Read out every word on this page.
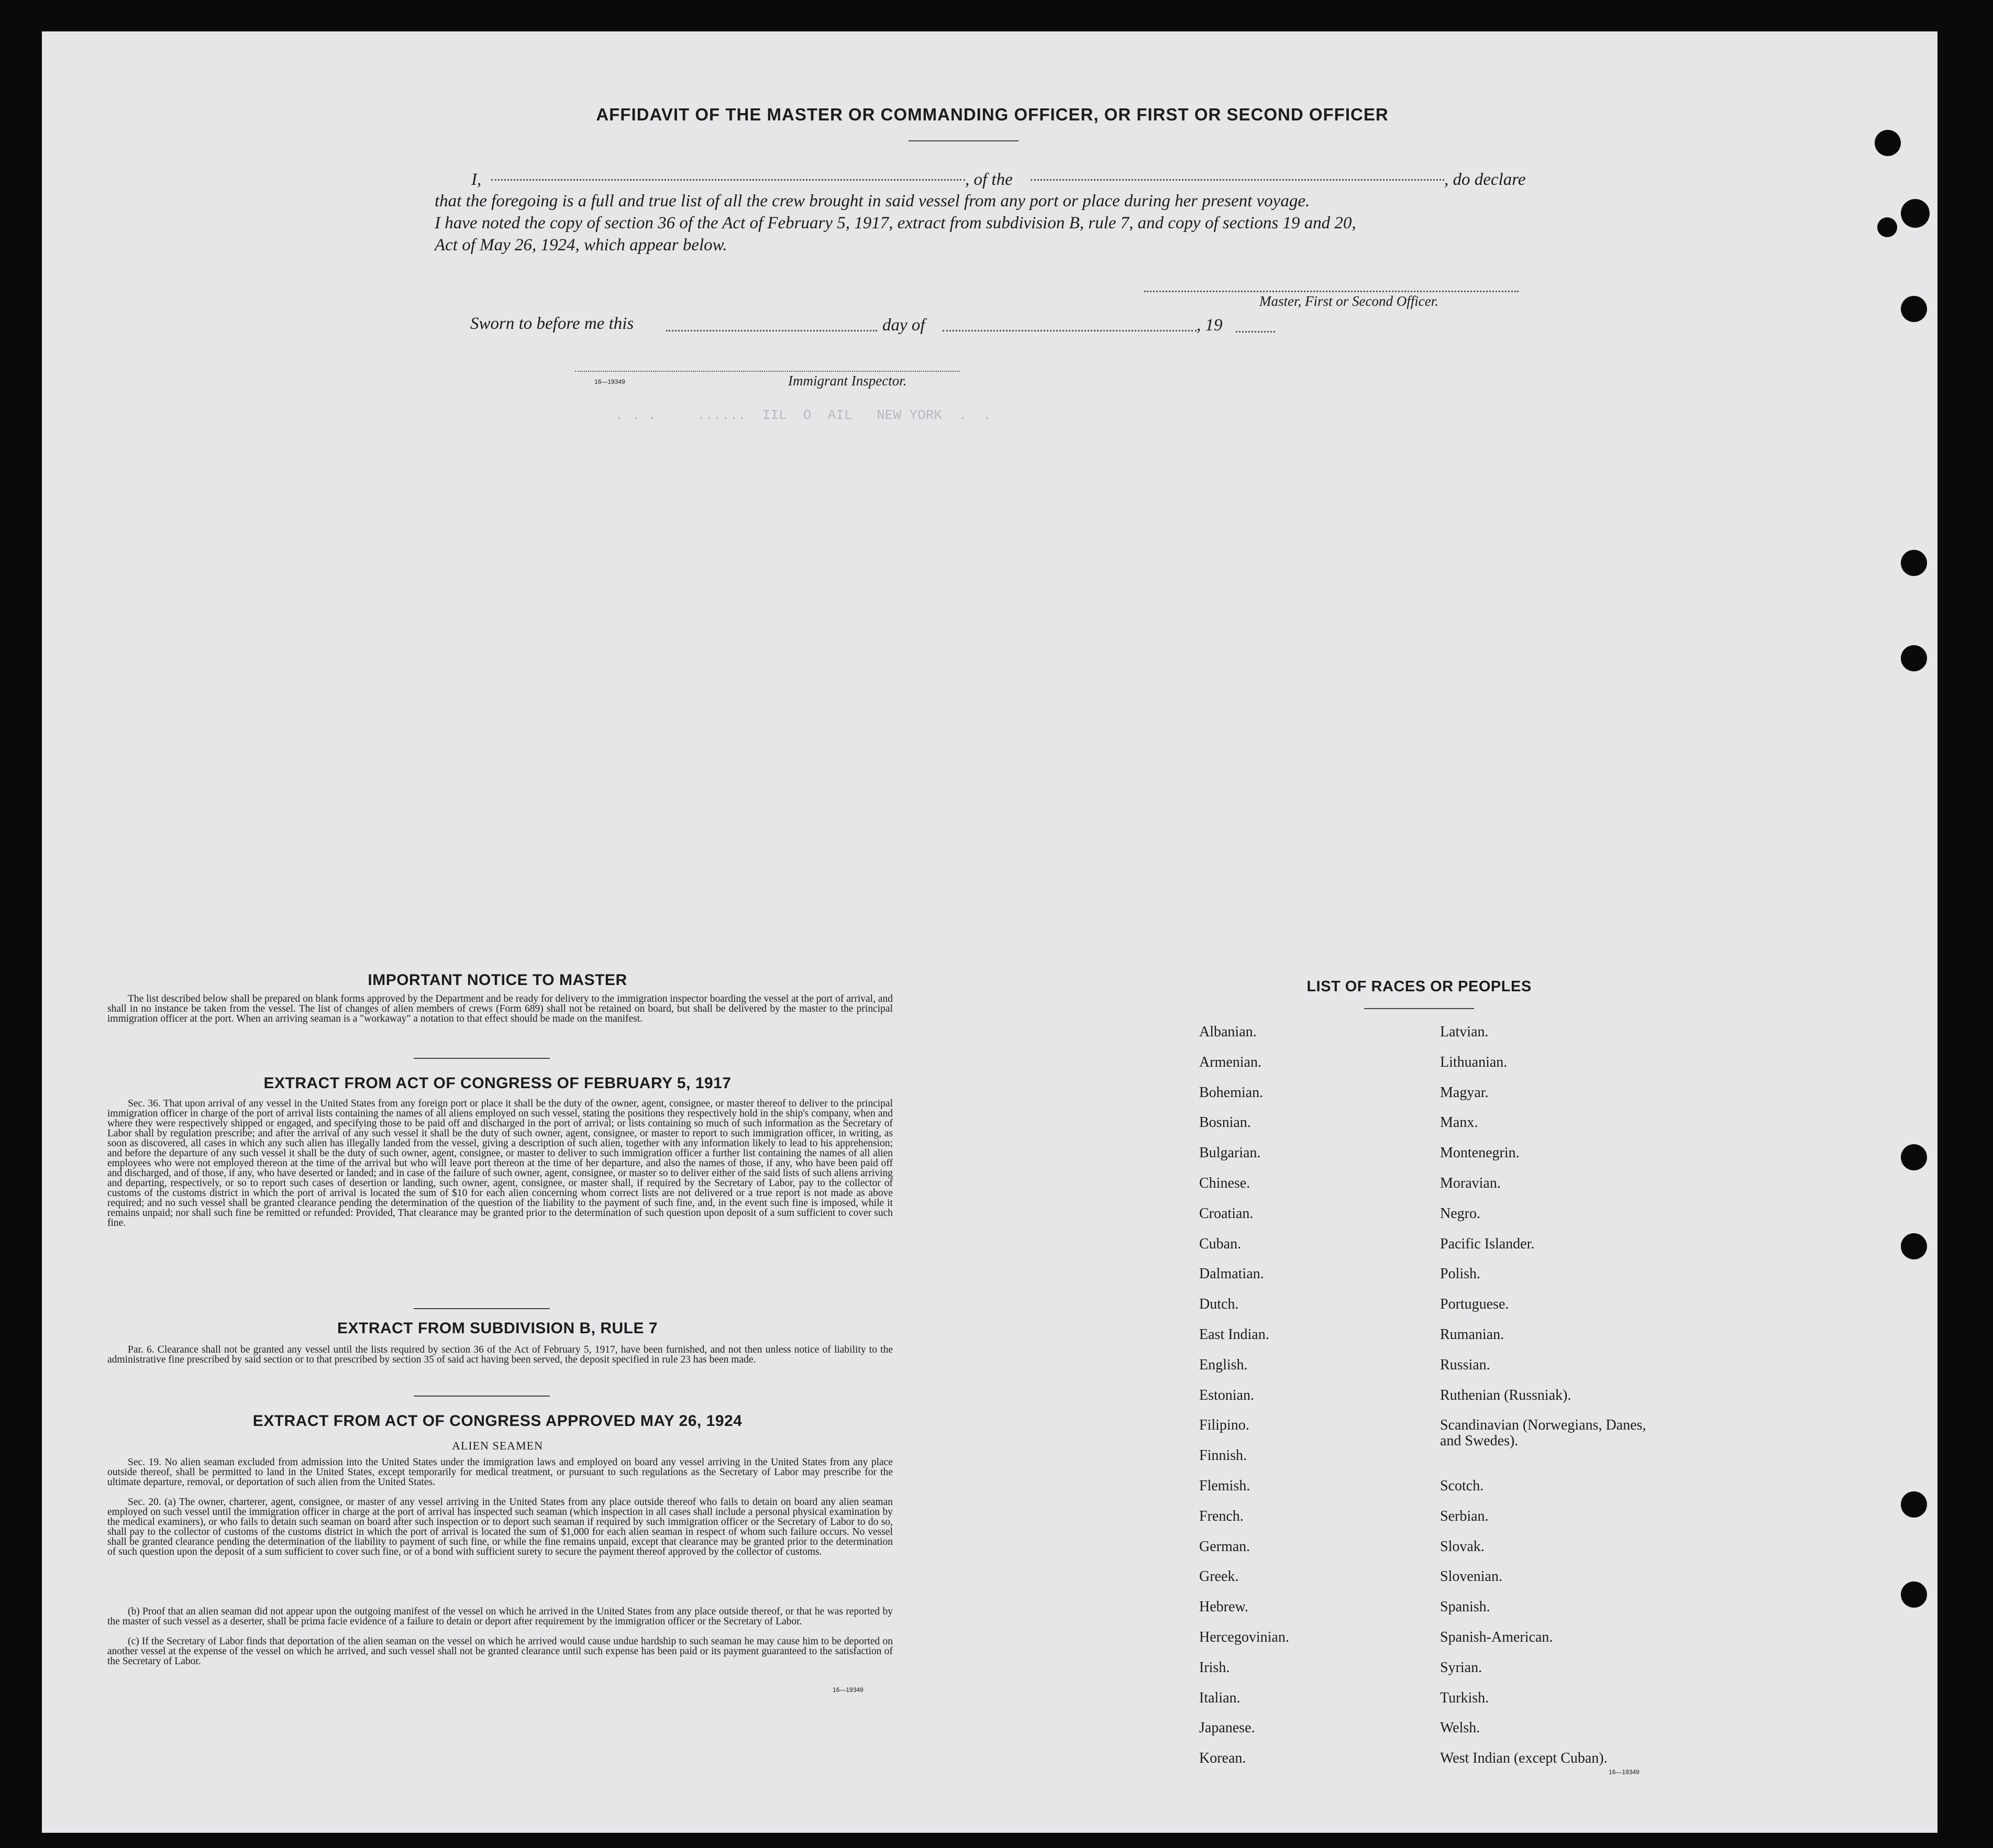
AFFIDAVIT OF THE MASTER OR COMMANDING OFFICER, OR FIRST OR SECOND OFFICER
I,	, of the	, do declare
that the foregoing is a full and true list of all the crew brought in said vessel from any port or place during her present voyage.
I have noted the copy of section 36 of the Act of February 5, 1917, extract from subdivision B, rule 7, and copy of sections 19 and 20,
Act of May 26, 1924, which appear below.
Master, First or Second Officer.
Sworn to before me this	day of	, 19
16—19349	Immigrant Inspector.
. . .     ......  IIL  O  AIL   NEW YORK  .  .
IMPORTANT NOTICE TO MASTER
The list described below shall be prepared on blank forms approved by the Department and be ready for delivery to the immigration inspector boarding the vessel at the port of arrival, and shall in no instance be taken from the vessel. The list of changes of alien members of crews (Form 689) shall not be retained on board, but shall be delivered by the master to the principal immigration officer at the port. When an arriving seaman is a "workaway" a notation to that effect should be made on the manifest.
EXTRACT FROM ACT OF CONGRESS OF FEBRUARY 5, 1917
Sec. 36. That upon arrival of any vessel in the United States from any foreign port or place it shall be the duty of the owner, agent, consignee, or master thereof to deliver to the principal immigration officer in charge of the port of arrival lists containing the names of all aliens employed on such vessel, stating the positions they respectively hold in the ship's company, when and where they were respectively shipped or engaged, and specifying those to be paid off and discharged in the port of arrival; or lists containing so much of such information as the Secretary of Labor shall by regulation prescribe; and after the arrival of any such vessel it shall be the duty of such owner, agent, consignee, or master to report to such immigration officer, in writing, as soon as discovered, all cases in which any such alien has illegally landed from the vessel, giving a description of such alien, together with any information likely to lead to his apprehension; and before the departure of any such vessel it shall be the duty of such owner, agent, consignee, or master to deliver to such immigration officer a further list containing the names of all alien employees who were not employed thereon at the time of the arrival but who will leave port thereon at the time of her departure, and also the names of those, if any, who have been paid off and discharged, and of those, if any, who have deserted or landed; and in case of the failure of such owner, agent, consignee, or master so to deliver either of the said lists of such aliens arriving and departing, respectively, or so to report such cases of desertion or landing, such owner, agent, consignee, or master shall, if required by the Secretary of Labor, pay to the collector of customs of the customs district in which the port of arrival is located the sum of $10 for each alien concerning whom correct lists are not delivered or a true report is not made as above required; and no such vessel shall be granted clearance pending the determination of the question of the liability to the payment of such fine, and, in the event such fine is imposed, while it remains unpaid; nor shall such fine be remitted or refunded: Provided, That clearance may be granted prior to the determination of such question upon deposit of a sum sufficient to cover such fine.
EXTRACT FROM SUBDIVISION B, RULE 7
Par. 6. Clearance shall not be granted any vessel until the lists required by section 36 of the Act of February 5, 1917, have been furnished, and not then unless notice of liability to the administrative fine prescribed by said section or to that prescribed by section 35 of said act having been served, the deposit specified in rule 23 has been made.
EXTRACT FROM ACT OF CONGRESS APPROVED MAY 26, 1924
ALIEN SEAMEN
Sec. 19. No alien seaman excluded from admission into the United States under the immigration laws and employed on board any vessel arriving in the United States from any place outside thereof, shall be permitted to land in the United States, except temporarily for medical treatment, or pursuant to such regulations as the Secretary of Labor may prescribe for the ultimate departure, removal, or deportation of such alien from the United States.
Sec. 20. (a) The owner, charterer, agent, consignee, or master of any vessel arriving in the United States from any place outside thereof who fails to detain on board any alien seaman employed on such vessel until the immigration officer in charge at the port of arrival has inspected such seaman (which inspection in all cases shall include a personal physical examination by the medical examiners), or who fails to detain such seaman on board after such inspection or to deport such seaman if required by such immigration officer or the Secretary of Labor to do so, shall pay to the collector of customs of the customs district in which the port of arrival is located the sum of $1,000 for each alien seaman in respect of whom such failure occurs. No vessel shall be granted clearance pending the determination of the liability to payment of such fine, or while the fine remains unpaid, except that clearance may be granted prior to the determination of such question upon the deposit of a sum sufficient to cover such fine, or of a bond with sufficient surety to secure the payment thereof approved by the collector of customs.
(b) Proof that an alien seaman did not appear upon the outgoing manifest of the vessel on which he arrived in the United States from any place outside thereof, or that he was reported by the master of such vessel as a deserter, shall be prima facie evidence of a failure to detain or deport after requirement by the immigration officer or the Secretary of Labor.
(c) If the Secretary of Labor finds that deportation of the alien seaman on the vessel on which he arrived would cause undue hardship to such seaman he may cause him to be deported on another vessel at the expense of the vessel on which he arrived, and such vessel shall not be granted clearance until such expense has been paid or its payment guaranteed to the satisfaction of the Secretary of Labor.
16—19349
LIST OF RACES OR PEOPLES
Albanian.
Armenian.
Bohemian.
Bosnian.
Bulgarian.
Chinese.
Croatian.
Cuban.
Dalmatian.
Dutch.
East Indian.
English.
Estonian.
Filipino.
Finnish.
Flemish.
French.
German.
Greek.
Hebrew.
Hercegovinian.
Irish.
Italian.
Japanese.
Korean.
Latvian.
Lithuanian.
Magyar.
Manx.
Montenegrin.
Moravian.
Negro.
Pacific Islander.
Polish.
Portuguese.
Rumanian.
Russian.
Ruthenian (Russniak).
Scandinavian (Norwegians, Danes, and Swedes).
Scotch.
Serbian.
Slovak.
Slovenian.
Spanish.
Spanish-American.
Syrian.
Turkish.
Welsh.
West Indian (except Cuban).
16—19349
